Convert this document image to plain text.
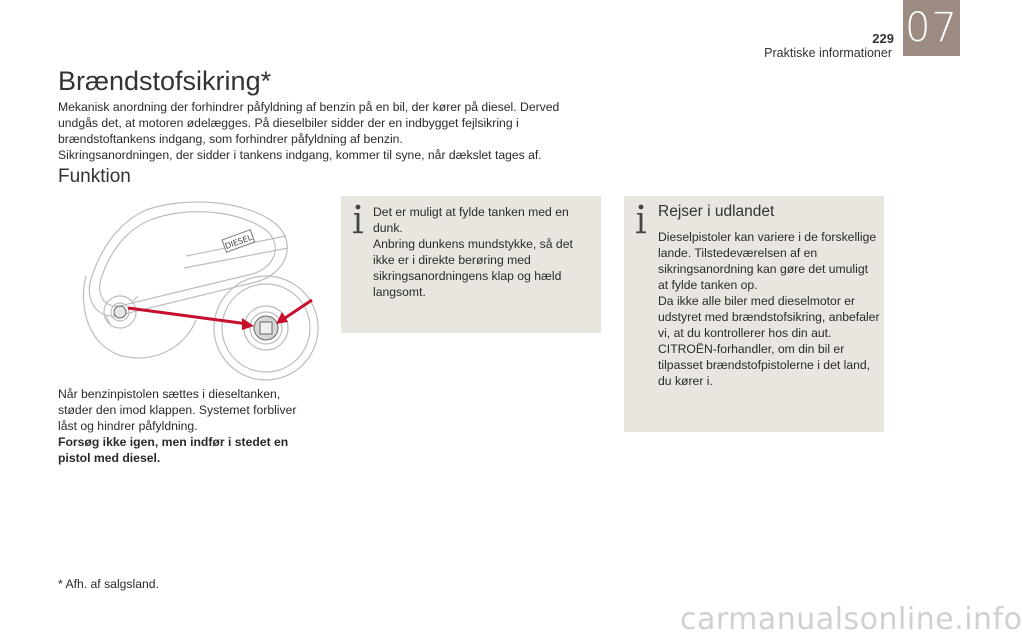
229
Praktiske informationer
07
Brændstofsikring*

Mekanisk anordning der forhindrer påfyldning af benzin på en bil, der kører på diesel. Derved undgås det, at motoren ødelægges. På dieselbiler sidder der en indbygget fejlsikring i brændstoftankens indgang, som forhindrer påfyldning af benzin.

Sikringsanordningen, der sidder i tankens indgang, kommer til syne, når dækslet tages af.

Funktion
DIESEL

Når benzinpistolen sættes i dieseltanken, støder den imod klappen. Systemet forbliver låst og hindrer påfyldning.

Forsøg ikke igen, men indfør i stedet en pistol med diesel.

* Afh. af salgsland.

Det er muligt at fylde tanken med en dunk.

Anbring dunkens mundstykke, så det ikke er i direkte berøring med sikringsanordningens klap og hæld langsomt.

Rejser i udlandet

Dieselpistoler kan variere i de forskellige lande. Tilstedeværelsen af en sikringsanordning kan gøre det umuligt at fylde tanken op.

Da ikke alle biler med dieselmotor er udstyret med brændstofsikring, anbefaler vi, at du kontrollerer hos din aut. CITROËN-forhandler, om din bil er tilpasset brændstofpistolerne i det land, du kører i.

carmanualsonline.info
